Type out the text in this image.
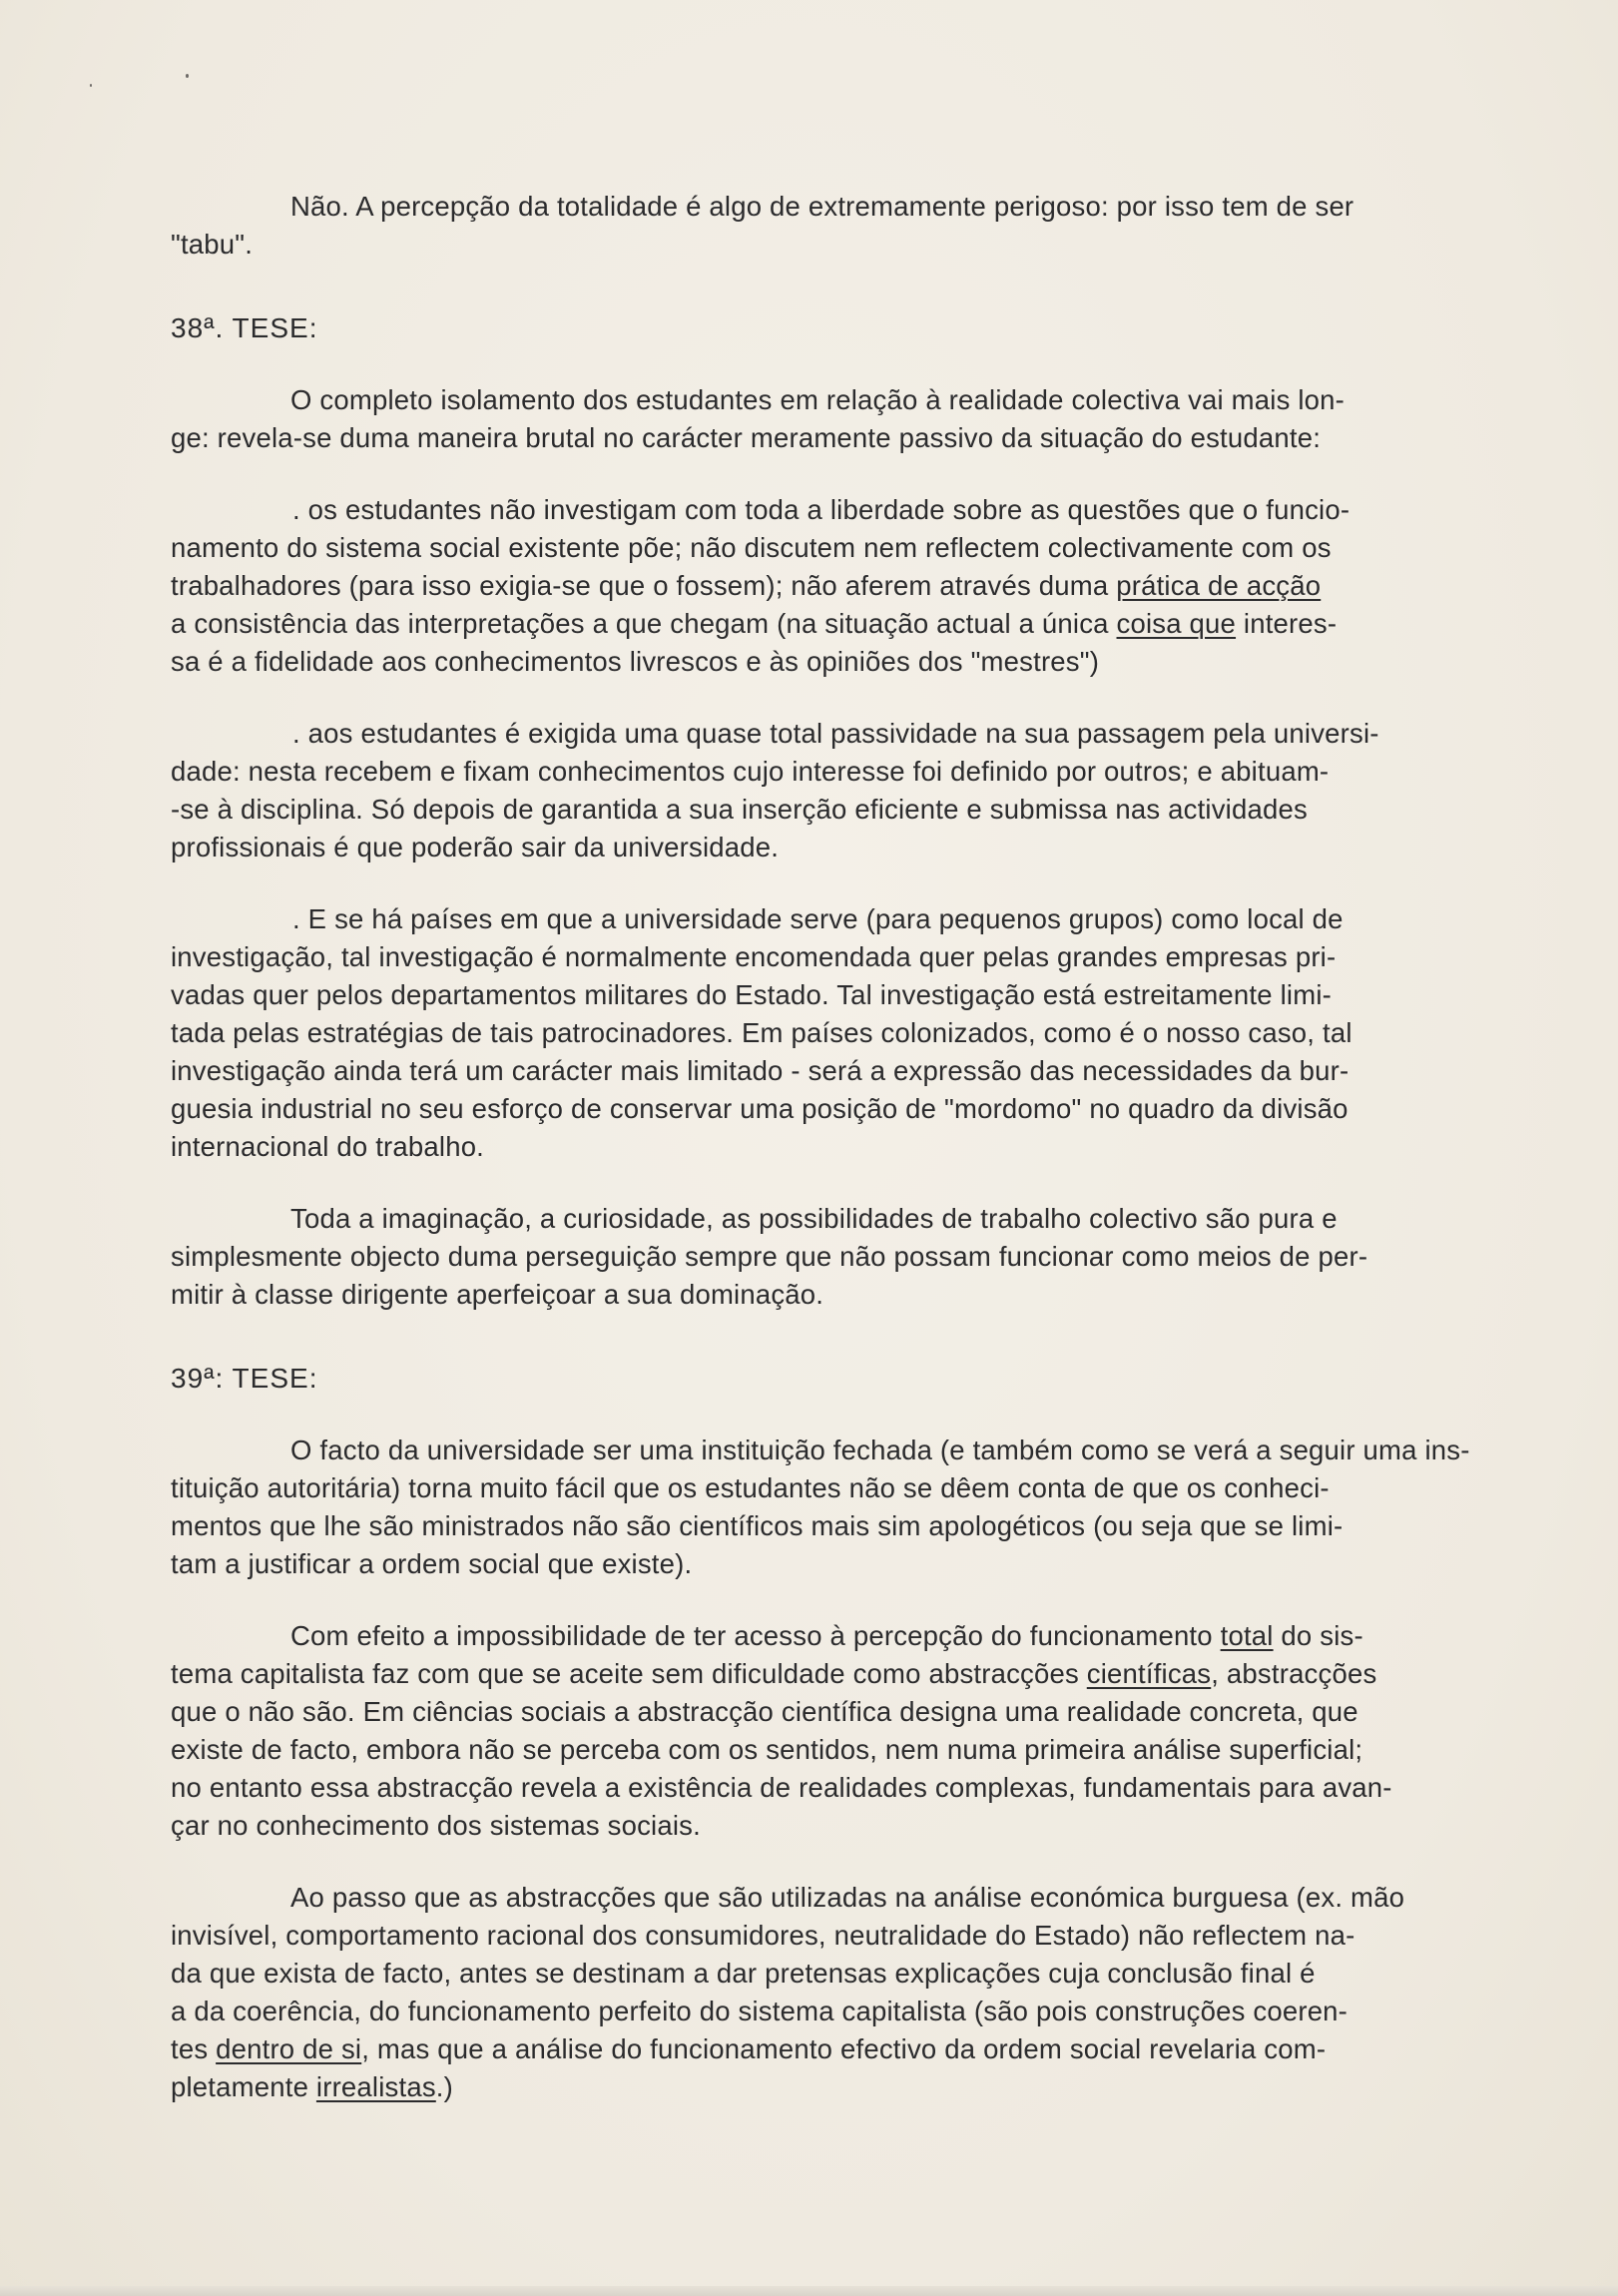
Não. A percepção da totalidade é algo de extremamente perigoso: por isso tem de ser
"tabu".

38ª. TESE:

O completo isolamento dos estudantes em relação à realidade colectiva vai mais lon-
ge: revela-se duma maneira brutal no carácter meramente passivo da situação do estudante:

. os estudantes não investigam com toda a liberdade sobre as questões que o funcio-
namento do sistema social existente põe; não discutem nem reflectem colectivamente com os
trabalhadores (para isso exigia-se que o fossem); não aferem através duma prática de acção
a consistência das interpretações a que chegam (na situação actual a única coisa que interes-
sa é a fidelidade aos conhecimentos livrescos e às opiniões dos "mestres")

. aos estudantes é exigida uma quase total passividade na sua passagem pela universi-
dade: nesta recebem e fixam conhecimentos cujo interesse foi definido por outros; e abituam-
-se à disciplina. Só depois de garantida a sua inserção eficiente e submissa nas actividades
profissionais é que poderão sair da universidade.

. E se há países em que a universidade serve (para pequenos grupos) como local de
investigação, tal investigação é normalmente encomendada quer pelas grandes empresas pri-
vadas quer pelos departamentos militares do Estado. Tal investigação está estreitamente limi-
tada pelas estratégias de tais patrocinadores. Em países colonizados, como é o nosso caso, tal
investigação ainda terá um carácter mais limitado - será a expressão das necessidades da bur-
guesia industrial no seu esforço de conservar uma posição de "mordomo" no quadro da divisão
internacional do trabalho.

Toda a imaginação, a curiosidade, as possibilidades de trabalho colectivo são pura e
simplesmente objecto duma perseguição sempre que não possam funcionar como meios de per-
mitir à classe dirigente aperfeiçoar a sua dominação.

39ª: TESE:

O facto da universidade ser uma instituição fechada (e também como se verá a seguir uma ins-
tituição autoritária) torna muito fácil que os estudantes não se dêem conta de que os conheci-
mentos que lhe são ministrados não são científicos mais sim apologéticos (ou seja que se limi-
tam a justificar a ordem social que existe).

Com efeito a impossibilidade de ter acesso à percepção do funcionamento total do sis-
tema capitalista faz com que se aceite sem dificuldade como abstracções científicas, abstracções
que o não são. Em ciências sociais a abstracção científica designa uma realidade concreta, que
existe de facto, embora não se perceba com os sentidos, nem numa primeira análise superficial;
no entanto essa abstracção revela a existência de realidades complexas, fundamentais para avan-
çar no conhecimento dos sistemas sociais.

Ao passo que as abstracções que são utilizadas na análise económica burguesa (ex. mão
invisível, comportamento racional dos consumidores, neutralidade do Estado) não reflectem na-
da que exista de facto, antes se destinam a dar pretensas explicações cuja conclusão final é
a da coerência, do funcionamento perfeito do sistema capitalista (são pois construções coeren-
tes dentro de si, mas que a análise do funcionamento efectivo da ordem social revelaria com-
pletamente irrealistas.)
